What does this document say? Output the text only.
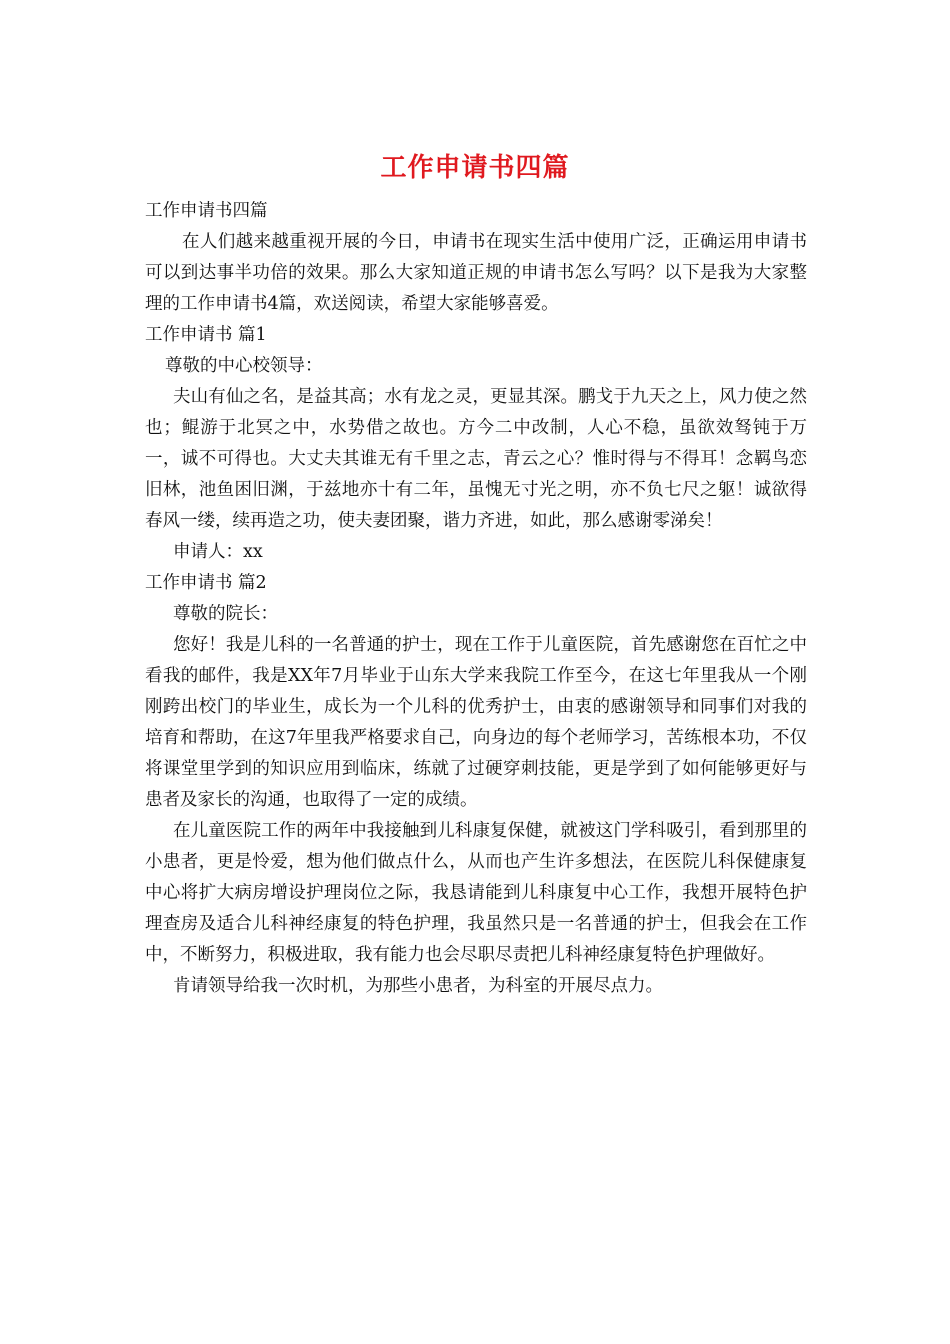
工作申请书四篇

工作申请书四篇

在人们越来越重视开展的今日，申请书在现实生活中使用广泛，正确运用申请书可以到达事半功倍的效果。那么大家知道正规的申请书怎么写吗？以下是我为大家整理的工作申请书4篇，欢送阅读，希望大家能够喜爱。

工作申请书 篇1

尊敬的中心校领导：

夫山有仙之名，是益其高；水有龙之灵，更显其深。鹏戈于九天之上，风力使之然也；鲲游于北冥之中，水势借之故也。方今二中改制，人心不稳，虽欲效驽钝于万一，诚不可得也。大丈夫其谁无有千里之志，青云之心？惟时得与不得耳！念羁鸟恋旧林，池鱼困旧渊，于兹地亦十有二年，虽愧无寸光之明，亦不负七尺之躯！诚欲得春风一缕，续再造之功，使夫妻团聚，谐力齐进，如此，那么感谢零涕矣！

申请人：xx

工作申请书 篇2

尊敬的院长：

您好！我是儿科的一名普通的护士，现在工作于儿童医院，首先感谢您在百忙之中看我的邮件，我是XX年7月毕业于山东大学来我院工作至今，在这七年里我从一个刚刚跨出校门的毕业生，成长为一个儿科的优秀护士，由衷的感谢领导和同事们对我的培育和帮助，在这7年里我严格要求自己，向身边的每个老师学习，苦练根本功，不仅将课堂里学到的知识应用到临床，练就了过硬穿刺技能，更是学到了如何能够更好与患者及家长的沟通，也取得了一定的成绩。

在儿童医院工作的两年中我接触到儿科康复保健，就被这门学科吸引，看到那里的小患者，更是怜爱，想为他们做点什么，从而也产生许多想法，在医院儿科保健康复中心将扩大病房增设护理岗位之际，我恳请能到儿科康复中心工作，我想开展特色护理查房及适合儿科神经康复的特色护理，我虽然只是一名普通的护士，但我会在工作中，不断努力，积极进取，我有能力也会尽职尽责把儿科神经康复特色护理做好。

肯请领导给我一次时机，为那些小患者，为科室的开展尽点力。
